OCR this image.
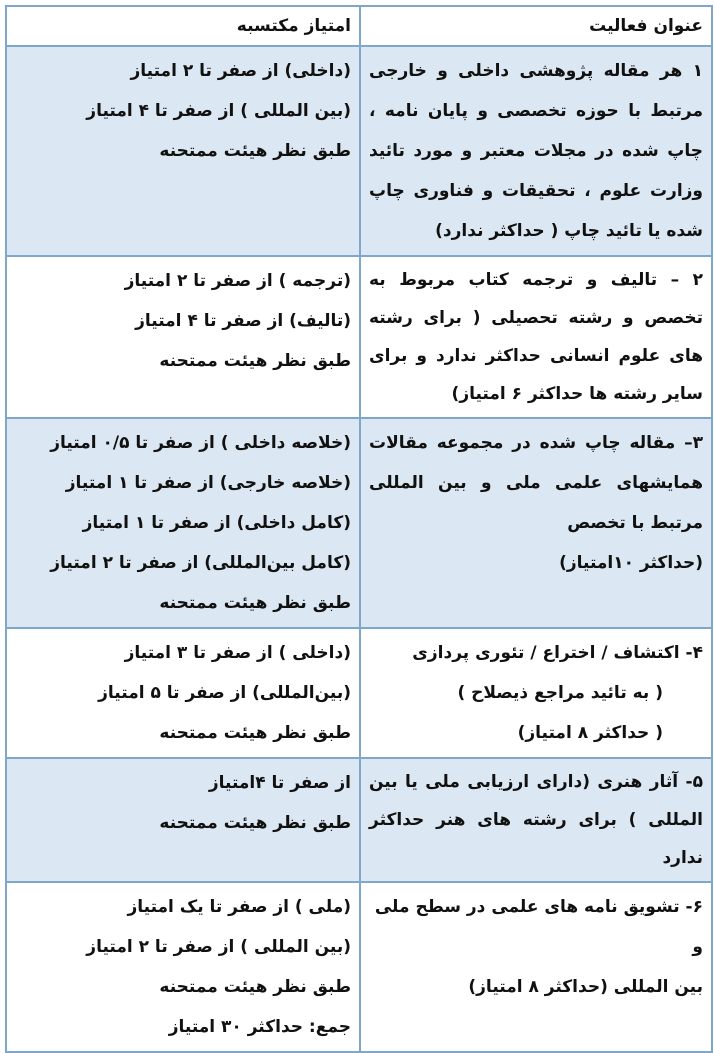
عنوان فعالیت	امتیاز مکتسبه
۱ هر مقاله پژوهشی داخلی و خارجی مرتبط با حوزه تخصصی و پایان نامه ، چاپ شده در مجلات معتبر و مورد تائید وزارت علوم ، تحقیقات و فناوری چاپ شده یا تائید چاپ ( حداکثر ندارد)	(داخلی) از صفر تا ۲ امتیاز
(بین المللی ) از صفر تا ۴ امتیاز
طبق نظر هیئت ممتحنه

۲ – تالیف و ترجمه کتاب مربوط به تخصص و رشته تحصیلی ( برای رشته های علوم انسانی حداکثر ندارد و برای سایر رشته ها حداکثر ۶ امتیاز)	(ترجمه ) از صفر تا ۲ امتیاز
(تالیف) از صفر تا ۴ امتیاز
طبق نظر هیئت ممتحنه

۳– مقاله چاپ شده در مجموعه مقالات همایشهای علمی ملی و بین المللی مرتبط با تخصص
(حداکثر ۱۰امتیاز)	(خلاصه داخلی ) از صفر تا ۰/۵ امتیاز
(خلاصه خارجی) از صفر تا ۱ امتیاز
(کامل داخلی) از صفر تا ۱ امتیاز
(کامل بین‌المللی) از صفر تا ۲ امتیاز
طبق نظر هیئت ممتحنه

۴- اکتشاف / اختراع / تئوری پردازی
( به تائید مراجع ذیصلاح )
( حداکثر ۸ امتیاز)	(داخلی ) از صفر تا ۳ امتیاز
(بین‌المللی) از صفر تا ۵ امتیاز
طبق نظر هیئت ممتحنه

۵- آثار هنری (دارای ارزیابی ملی یا بین المللی ) برای رشته های هنر حداکثر ندارد	از صفر تا ۴امتیاز
طبق نظر هیئت ممتحنه

۶- تشویق نامه های علمی در سطح ملی
و
بین المللی (حداکثر ۸ امتیاز)	(ملی ) از صفر تا یک امتیاز
(بین المللی ) از صفر تا ۲ امتیاز
طبق نظر هیئت ممتحنه
جمع: حداکثر ۳۰ امتیاز
